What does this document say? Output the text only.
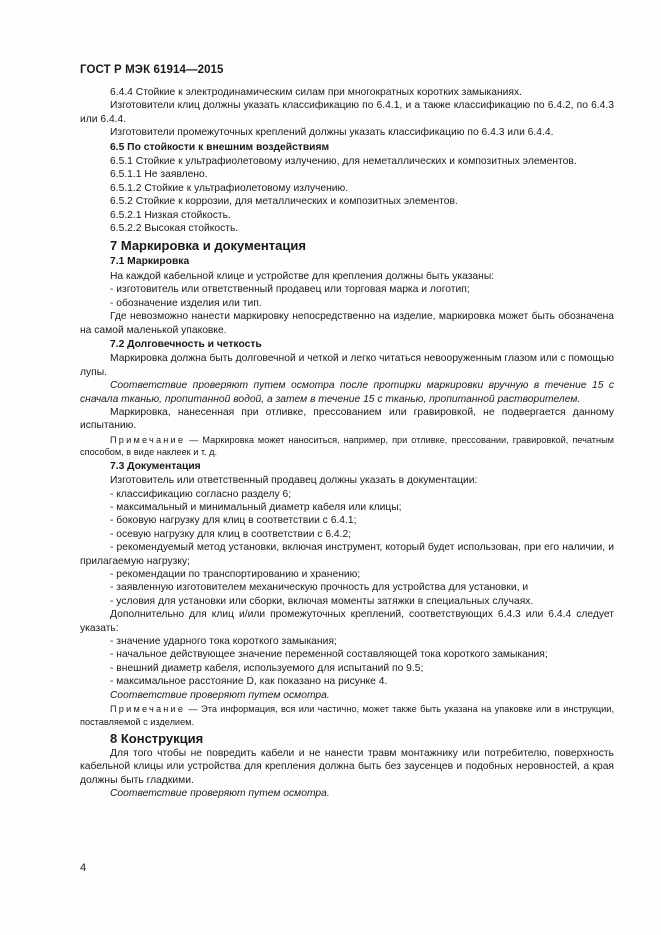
ГОСТ Р МЭК 61914—2015

6.4.4 Стойкие к электродинамическим силам при многократных коротких замыканиях.

Изготовители клиц должны указать классификацию по 6.4.1, и а также классификацию по 6.4.2, по 6.4.3 или 6.4.4.

Изготовители промежуточных креплений должны указать классификацию по 6.4.3 или 6.4.4.

6.5 По стойкости к внешним воздействиям

6.5.1 Стойкие к ультрафиолетовому излучению, для неметаллических и композитных элементов.

6.5.1.1 Не заявлено.

6.5.1.2 Стойкие к ультрафиолетовому излучению.

6.5.2 Стойкие к коррозии, для металлических и композитных элементов.

6.5.2.1 Низкая стойкость.

6.5.2.2 Высокая стойкость.

7 Маркировка и документация

7.1 Маркировка

На каждой кабельной клице и устройстве для крепления должны быть указаны:

- изготовитель или ответственный продавец или торговая марка и логотип;

- обозначение изделия или тип.

Где невозможно нанести маркировку непосредственно на изделие, маркировка может быть обозначена на самой маленькой упаковке.

7.2 Долговечность и четкость

Маркировка должна быть долговечной и четкой и легко читаться невооруженным глазом или с помощью лупы.

Соответствие проверяют путем осмотра после протирки маркировки вручную в течение 15 с сначала тканью, пропитанной водой, а затем в течение 15 с тканью, пропитанной растворителем.

Маркировка, нанесенная при отливке, прессованием или гравировкой, не подвергается данному испытанию.

Примечание — Маркировка может наноситься, например, при отливке, прессовании, гравировкой, печатным способом, в виде наклеек и т. д.

7.3 Документация

Изготовитель или ответственный продавец должны указать в документации:

- классификацию согласно разделу 6;

- максимальный и минимальный диаметр кабеля или клицы;

- боковую нагрузку для клиц в соответствии с 6.4.1;

- осевую нагрузку для клиц в соответствии с 6.4.2;

- рекомендуемый метод установки, включая инструмент, который будет использован, при его наличии, и прилагаемую нагрузку;

- рекомендации по транспортированию и хранению;

- заявленную изготовителем механическую прочность для устройства для установки, и

- условия для установки или сборки, включая моменты затяжки в специальных случаях.

Дополнительно для клиц и/или промежуточных креплений, соответствующих 6.4.3 или 6.4.4 следует указать:

- значение ударного тока короткого замыкания;

- начальное действующее значение переменной составляющей тока короткого замыкания;

- внешний диаметр кабеля, используемого для испытаний по 9.5;

- максимальное расстояние D, как показано на рисунке 4.

Соответствие проверяют путем осмотра.

Примечание — Эта информация, вся или частично, может также быть указана на упаковке или в инструкции, поставляемой с изделием.

8 Конструкция

Для того чтобы не повредить кабели и не нанести травм монтажнику или потребителю, поверхность кабельной клицы или устройства для крепления должна быть без заусенцев и подобных неровностей, а края должны быть гладкими.

Соответствие проверяют путем осмотра.

4
